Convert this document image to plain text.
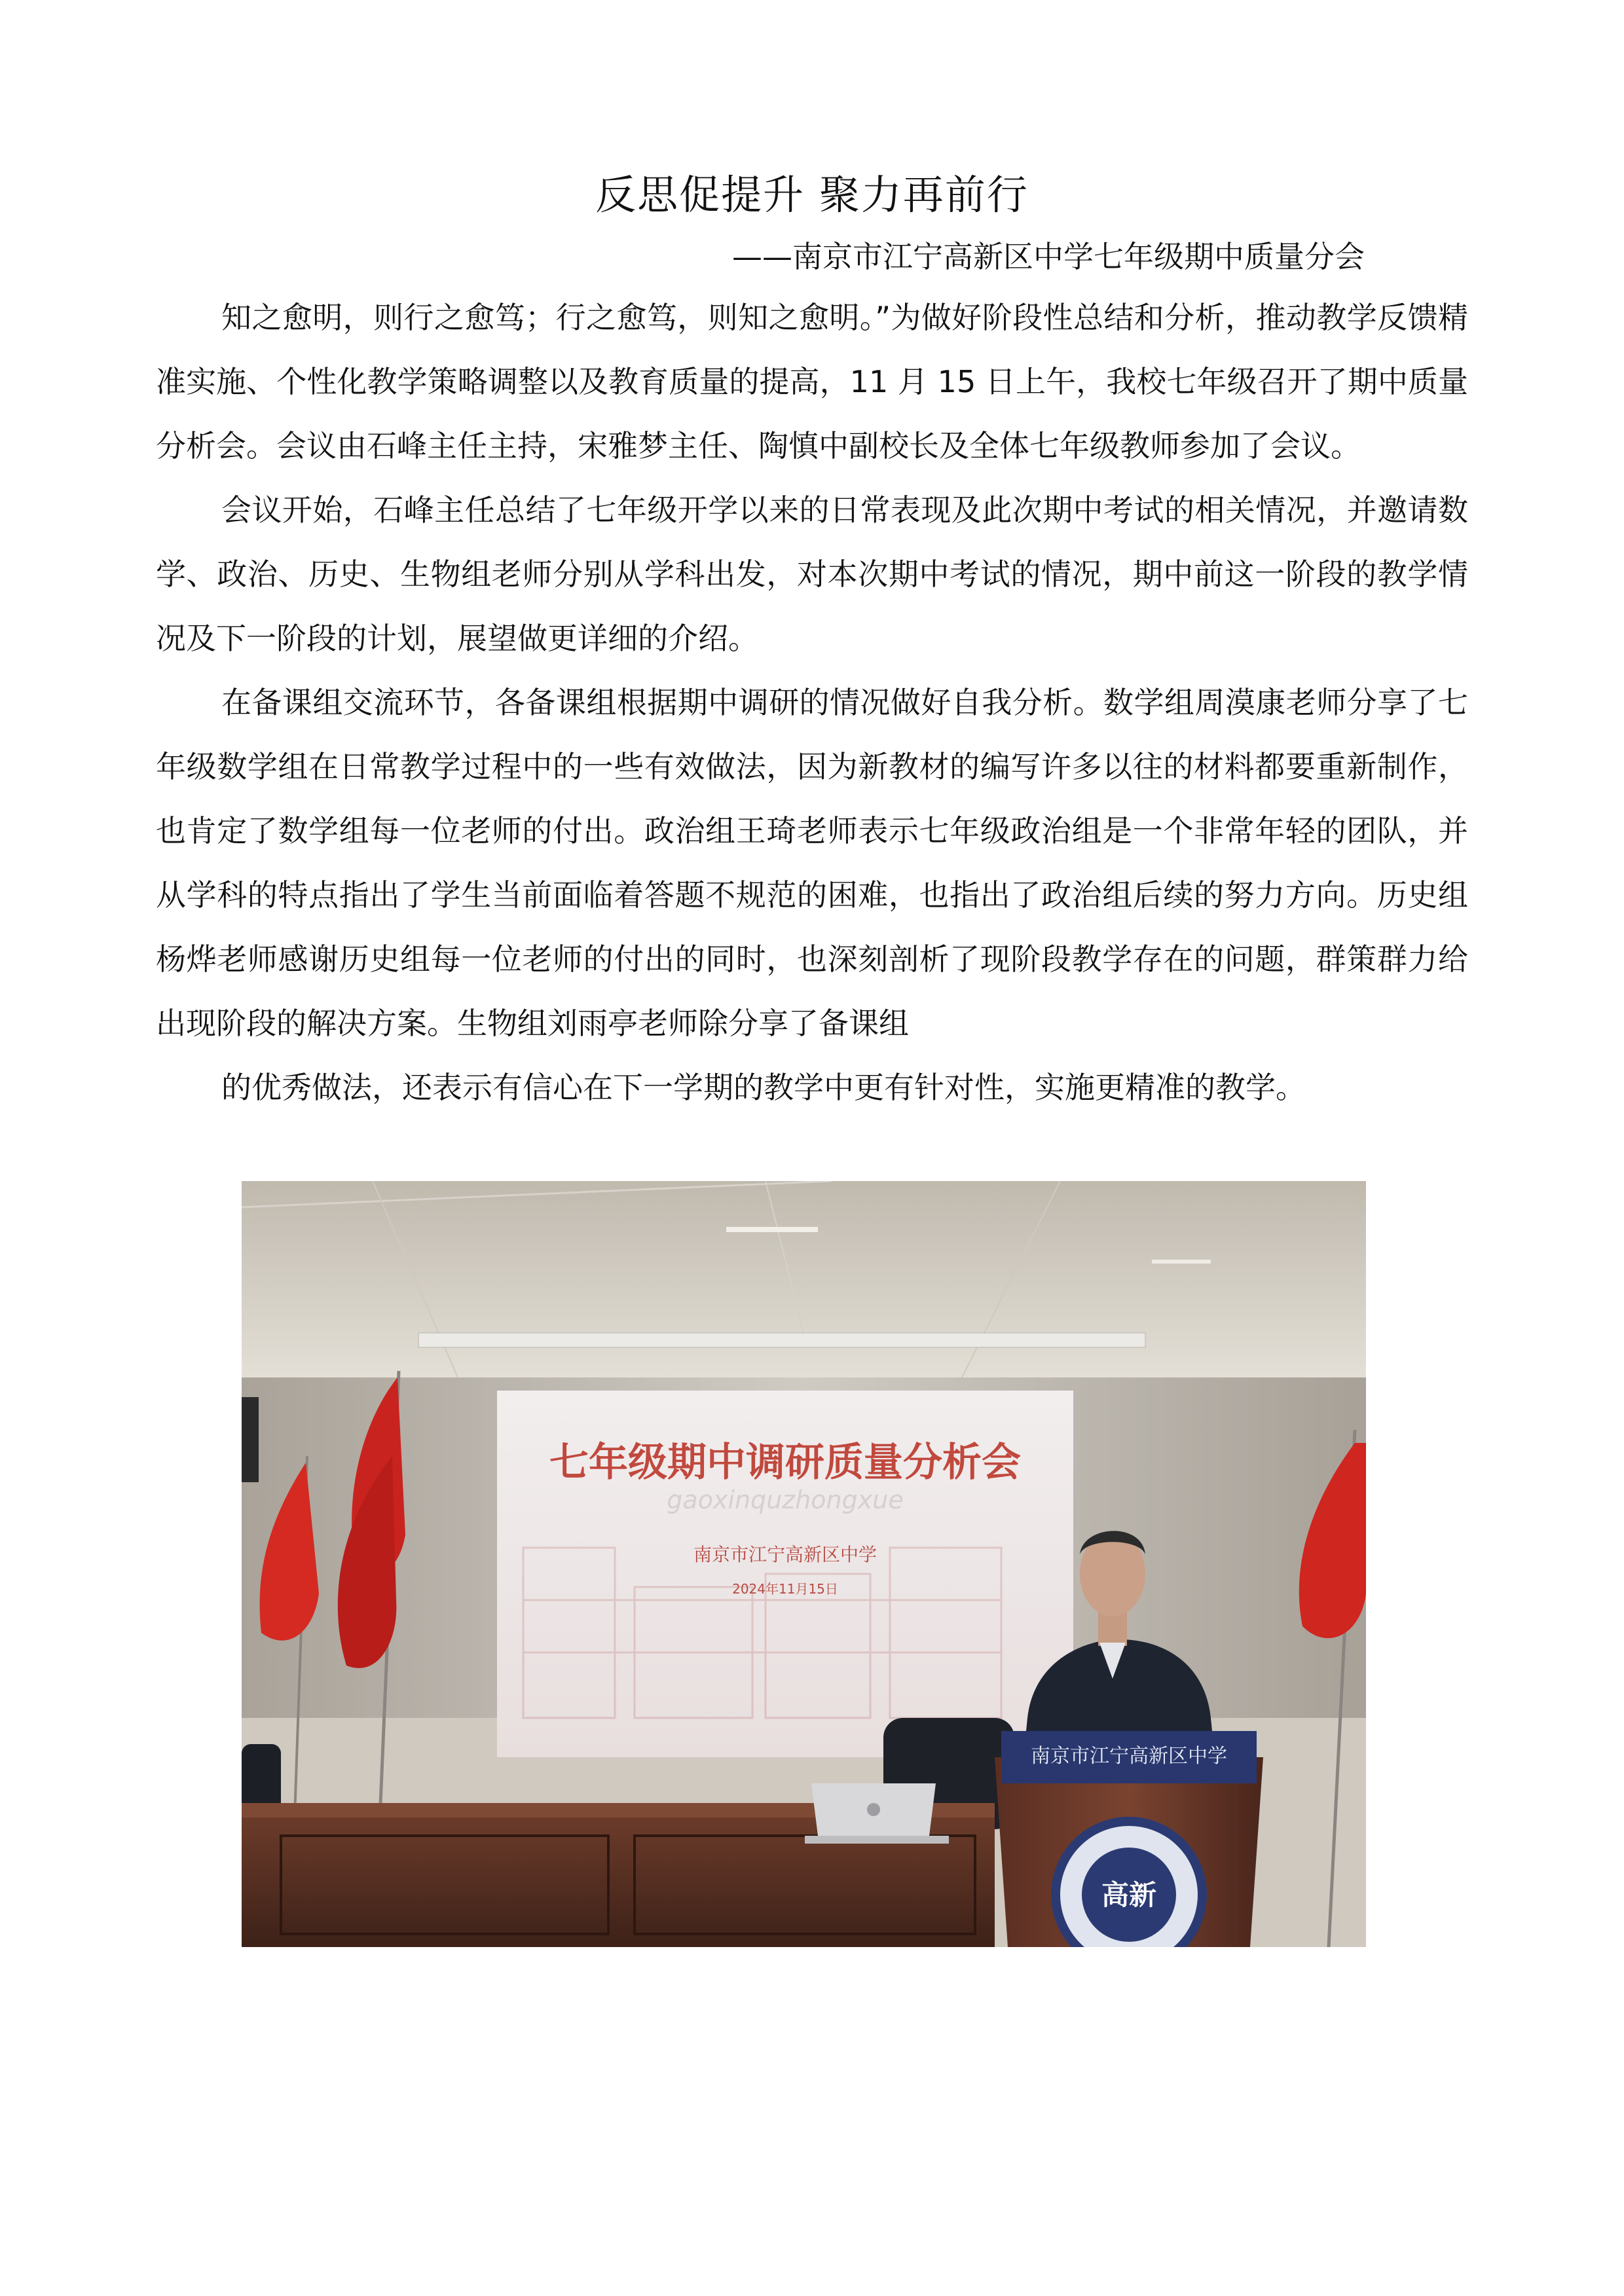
反思促提升 聚力再前行
——南京市江宁高新区中学七年级期中质量分会

知之愈明，则行之愈笃；行之愈笃，则知之愈明。”为做好阶段性总结和分析，推动教学反馈精准实施、个性化教学策略调整以及教育质量的提高，11 月 15 日上午，我校七年级召开了期中质量分析会。会议由石峰主任主持，宋雅梦主任、陶慎中副校长及全体七年级教师参加了会议。

会议开始，石峰主任总结了七年级开学以来的日常表现及此次期中考试的相关情况，并邀请数学、政治、历史、生物组老师分别从学科出发，对本次期中考试的情况，期中前这一阶段的教学情况及下一阶段的计划，展望做更详细的介绍。

在备课组交流环节，各备课组根据期中调研的情况做好自我分析。数学组周漠康老师分享了七年级数学组在日常教学过程中的一些有效做法，因为新教材的编写许多以往的材料都要重新制作，也肯定了数学组每一位老师的付出。政治组王琦老师表示七年级政治组是一个非常年轻的团队，并从学科的特点指出了学生当前面临着答题不规范的困难，也指出了政治组后续的努力方向。历史组杨烨老师感谢历史组每一位老师的付出的同时，也深刻剖析了现阶段教学存在的问题，群策群力给出现阶段的解决方案。生物组刘雨亭老师除分享了备课组

的优秀做法，还表示有信心在下一学期的教学中更有针对性，实施更精准的教学。

七年级期中调研质量分析会
gaoxinquzhongxue
南京市江宁高新区中学
2024年11月15日
南京市江宁高新区中学
高新
